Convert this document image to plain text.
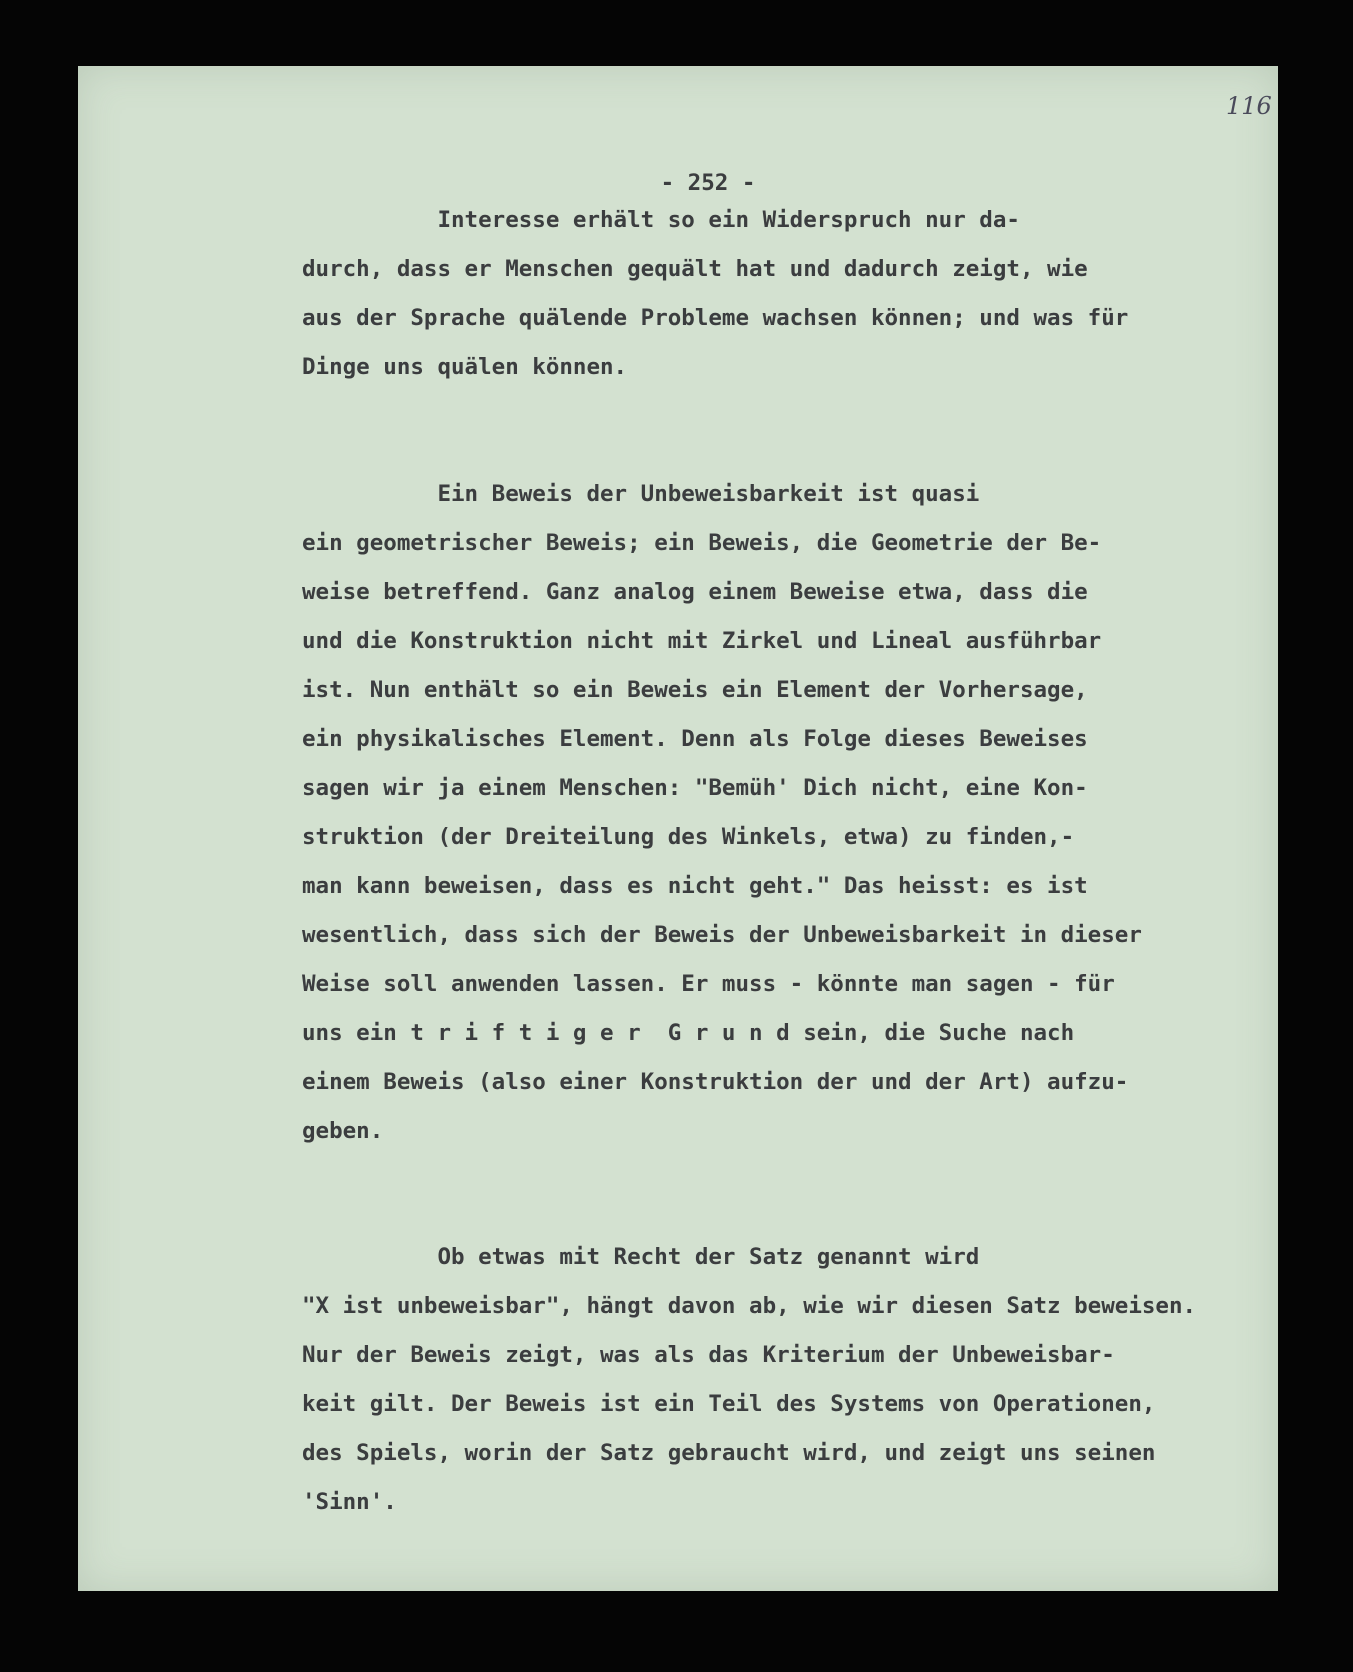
116
- 252 -
Interesse erhält so ein Widerspruch nur da-
durch, dass er Menschen gequält hat und dadurch zeigt, wie
aus der Sprache quälende Probleme wachsen können; und was für
Dinge uns quälen können.
Ein Beweis der Unbeweisbarkeit ist quasi
ein geometrischer Beweis; ein Beweis, die Geometrie der Be-
weise betreffend. Ganz analog einem Beweise etwa, dass die
und die Konstruktion nicht mit Zirkel und Lineal ausführbar
ist. Nun enthält so ein Beweis ein Element der Vorhersage,
ein physikalisches Element. Denn als Folge dieses Beweises
sagen wir ja einem Menschen: "Bemüh' Dich nicht, eine Kon-
struktion (der Dreiteilung des Winkels, etwa) zu finden,-
man kann beweisen, dass es nicht geht." Das heisst: es ist
wesentlich, dass sich der Beweis der Unbeweisbarkeit in dieser
Weise soll anwenden lassen. Er muss - könnte man sagen - für
uns ein t r i f t i g e r  G r u n d sein, die Suche nach
einem Beweis (also einer Konstruktion der und der Art) aufzu-
geben.
Ob etwas mit Recht der Satz genannt wird
"X ist unbeweisbar", hängt davon ab, wie wir diesen Satz beweisen.
Nur der Beweis zeigt, was als das Kriterium der Unbeweisbar-
keit gilt. Der Beweis ist ein Teil des Systems von Operationen,
des Spiels, worin der Satz gebraucht wird, und zeigt uns seinen
'Sinn'.
